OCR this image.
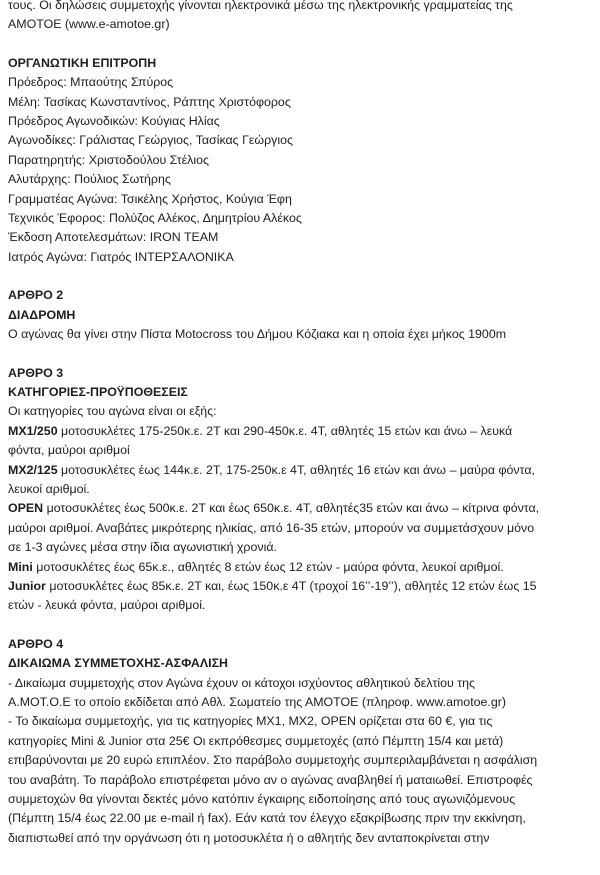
τους. Οι δηλώσεις συμμετοχής γίνονται ηλεκτρονικά μέσω της ηλεκτρονικής γραμματείας της

ΑΜΟΤΟΕ (www.e-amotoe.gr)

ΟΡΓΑΝΩΤΙΚΗ ΕΠΙΤΡΟΠΗ

Πρόεδρος: Μπαούτης Σπύρος

Μέλη: Τασίκας Κωνσταντίνος, Ράπτης Χριστόφορος

Πρόεδρος Αγωνοδικών: Κούγιας Ηλίας

Αγωνοδίκες: Γράλιστας Γεώργιος, Τασίκας Γεώργιος

Παρατηρητής: Χριστοδούλου Στέλιος

Αλυτάρχης: Πούλιος Σωτήρης

Γραμματέας Αγώνα: Τσικέλης Χρήστος, Κούγια Έφη

Τεχνικός Έφορος: Πολύζος Αλέκος, Δημητρίου Αλέκος

Έκδοση Αποτελεσμάτων: IRON TEAM

Ιατρός Αγώνα: Γιατρός ΙΝΤΕΡΣΑΛΟΝΙΚΑ

ΑΡΘΡΟ 2

ΔΙΑΔΡΟΜΗ

Ο αγώνας θα γίνει στην Πίστα Motocross του Δήμου Κόζιακα και η οποία έχει μήκος 1900m

ΑΡΘΡΟ 3

ΚΑΤΗΓΟΡΙΕΣ-ΠΡΟΫΠΟΘΕΣΕΙΣ

Οι κατηγορίες του αγώνα είναι οι εξής:

MX1/250 μοτοσυκλέτες 175-250κ.ε. 2Τ και 290-450κ.ε. 4Τ, αθλητές 15 ετών και άνω – λευκά

φόντα, μαύροι αριθμοί

MX2/125 μοτοσυκλέτες έως 144κ.ε. 2Τ, 175-250κ.ε 4Τ, αθλητές 16 ετών και άνω – μαύρα φόντα,

λευκοί αριθμοί.

OPEN μοτοσυκλέτες έως 500κ.ε. 2Τ και έως 650κ.ε. 4Τ, αθλητές35 ετών και άνω – κίτρινα φόντα,

μαύροι αριθμοί. Αναβάτες μικρότερης ηλικίας, από 16-35 ετών, μπορούν να συμμετάσχουν μόνο

σε 1-3 αγώνες μέσα στην ίδια αγωνιστική χρονιά.

Mini μοτοσυκλέτες έως 65κ.ε., αθλητές 8 ετών έως 12 ετών - μαύρα φόντα, λευκοί αριθμοί.

Junior μοτοσυκλέτες έως 85κ.ε. 2Τ και, έως 150κ.ε 4Τ (τροχοί 16’’-19’’), αθλητές 12 ετών έως 15

ετών - λευκά φόντα, μαύροι αριθμοί.

ΑΡΘΡΟ 4

ΔΙΚΑΙΩΜΑ ΣΥΜΜΕΤΟΧΗΣ-ΑΣΦΑΛΙΣΗ

- Δικαίωμα συμμετοχής στον Αγώνα έχουν οι κάτοχοι ισχύοντος αθλητικού δελτίου της

Α.ΜΟΤ.Ο.Ε το οποίο εκδίδεται από Αθλ. Σωματείο της ΑΜΟΤΟΕ (πληροφ. www.amotoe.gr)

- Το δικαίωμα συμμετοχής, για τις κατηγορίες MX1, MX2, OPEN ορίζεται στα 60 €, για τις

κατηγορίες Mini & Junior στα 25€ Οι εκπρόθεσμες συμμετοχές (από Πέμπτη 15/4 και μετά)

επιβαρύνονται με 20 ευρώ επιπλέον. Στο παράβολο συμμετοχής συμπεριλαμβάνεται η ασφάλιση

του αναβάτη. Το παράβολο επιστρέφεται μόνο αν ο αγώνας αναβληθεί ή ματαιωθεί. Επιστροφές

συμμετοχών θα γίνονται δεκτές μόνο κατόπιν έγκαιρης ειδοποίησης από τους αγωνιζόμενους

(Πέμπτη 15/4 έως 22.00 με e-mail ή fax). Εάν κατά τον έλεγχο εξακρίβωσης πριν την εκκίνηση,

διαπιστωθεί από την οργάνωση ότι η μοτοσυκλέτα ή ο αθλητής δεν ανταποκρίνεται στην
